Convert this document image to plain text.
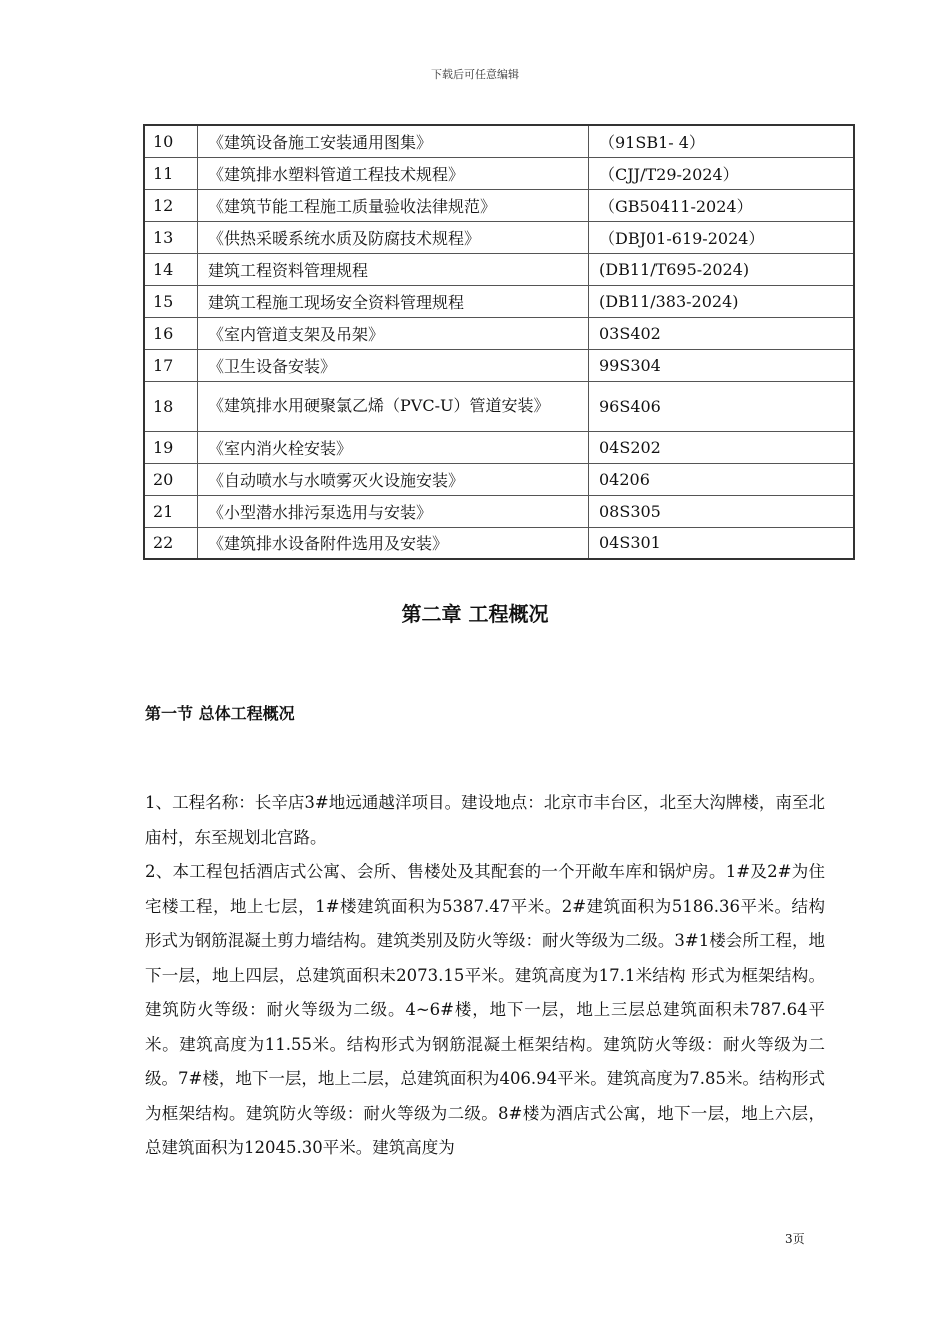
下载后可任意编辑
10	《建筑设备施工安装通用图集》	（91SB1- 4）
11	《建筑排水塑料管道工程技术规程》	（CJJ/T29-2024）
12	《建筑节能工程施工质量验收法律规范》	（GB50411-2024）
13	《供热采暖系统水质及防腐技术规程》	（DBJ01-619-2024）
14	建筑工程资料管理规程	(DB11/T695-2024)
15	建筑工程施工现场安全资料管理规程	(DB11/383-2024)
16	《室内管道支架及吊架》	03S402
17	《卫生设备安装》	99S304
18	《建筑排水用硬聚氯乙烯（PVC-U）管道安装》	96S406
19	《室内消火栓安装》	04S202
20	《自动喷水与水喷雾灭火设施安装》	04206
21	《小型潜水排污泵选用与安装》	08S305
22	《建筑排水设备附件选用及安装》	04S301
第二章 工程概况
第一节 总体工程概况

1、工程名称：长辛店3#地远通越洋项目。建设地点：北京市丰台区，北至大沟牌楼，南至北庙村，东至规划北宫路。

2、本工程包括酒店式公寓、会所、售楼处及其配套的一个开敞车库和锅炉房。1#及2#为住宅楼工程，地上七层，1#楼建筑面积为5387.47平米。2#建筑面积为5186.36平米。结构形式为钢筋混凝土剪力墙结构。建筑类别及防火等级：耐火等级为二级。3#1楼会所工程，地下一层，地上四层，总建筑面积未2073.15平米。建筑高度为17.1米结构 形式为框架结构。建筑防火等级：耐火等级为二级。4~6#楼，地下一层，地上三层总建筑面积未787.64平米。建筑高度为11.55米。结构形式为钢筋混凝土框架结构。建筑防火等级：耐火等级为二级。7#楼，地下一层，地上二层，总建筑面积为406.94平米。建筑高度为7.85米。结构形式为框架结构。建筑防火等级：耐火等级为二级。8#楼为酒店式公寓，地下一层，地上六层，总建筑面积为12045.30平米。建筑高度为

3页
